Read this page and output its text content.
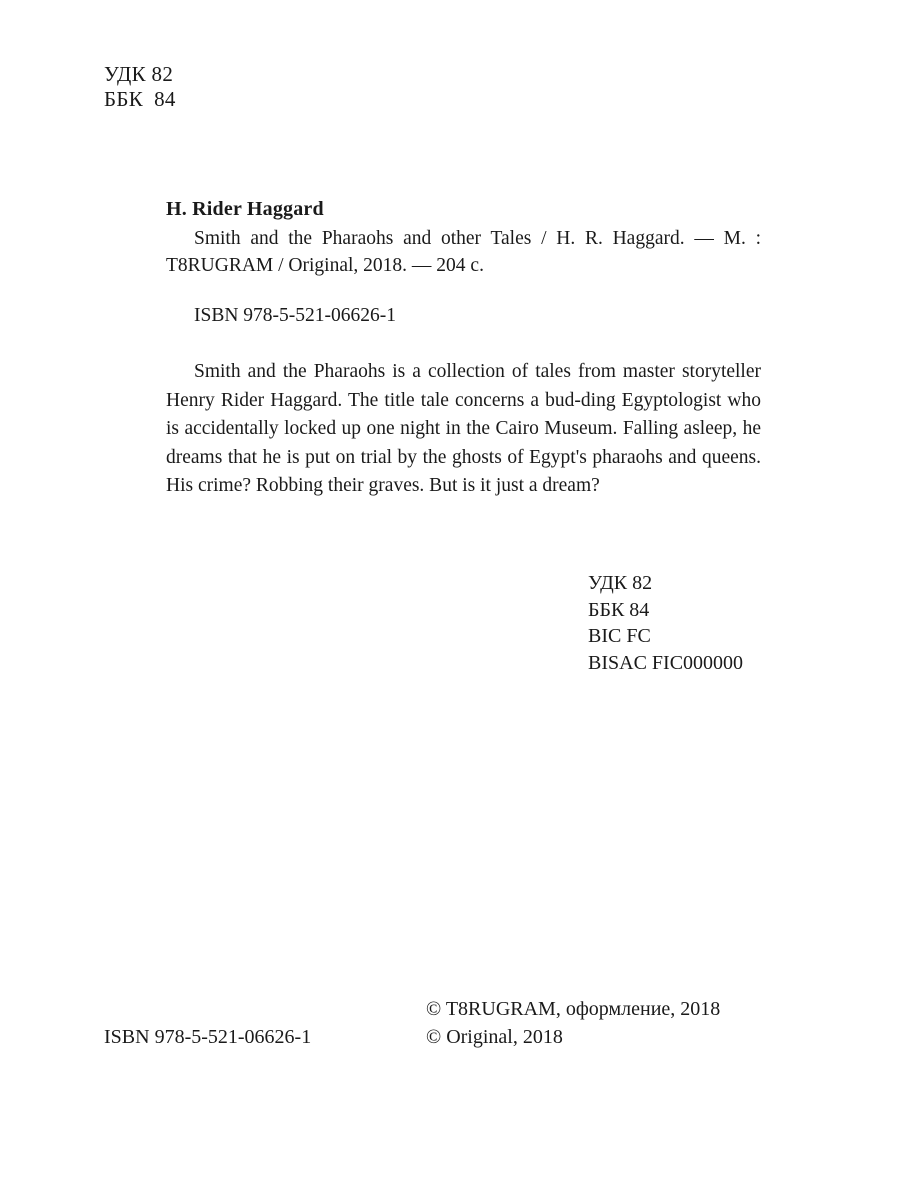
УДК 82
ББК  84

H. Rider Haggard

Smith and the Pharaohs and other Tales / H. R. Haggard. — M. : T8RUGRAM / Original, 2018. — 204 c.

ISBN 978-5-521-06626-1

Smith and the Pharaohs is a collection of tales from master storyteller Henry Rider Haggard. The title tale concerns a bud-ding Egyptologist who is accidentally locked up one night in the Cairo Museum. Falling asleep, he dreams that he is put on trial by the ghosts of Egypt's pharaohs and queens. His crime? Robbing their graves. But is it just a dream?

УДК 82
ББК 84
BIC FC
BISAC FIC000000
© T8RUGRAM, оформление, 2018
© Original, 2018
ISBN 978-5-521-06626-1
